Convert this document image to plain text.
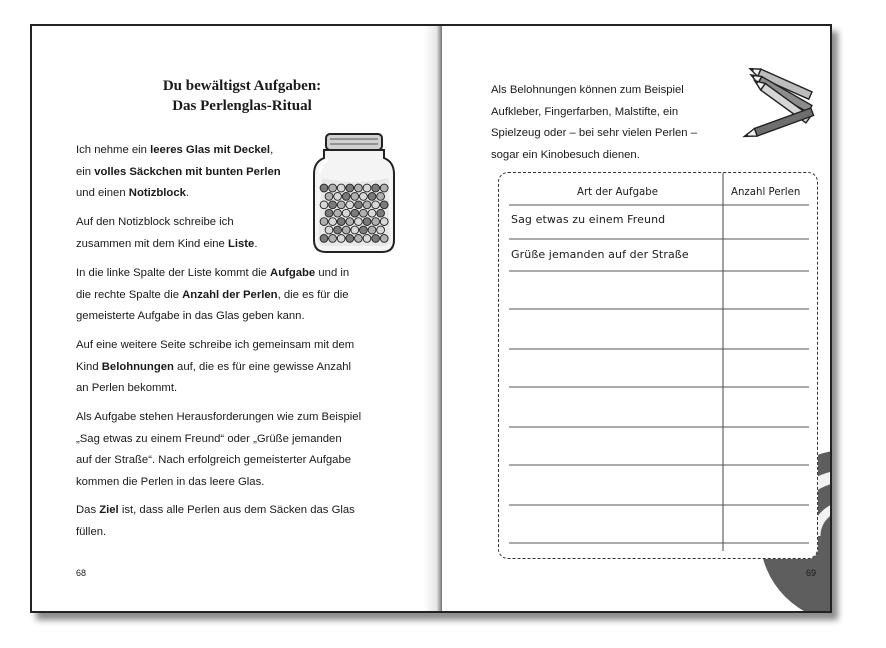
Du bewältigst Aufgaben:
Das Perlenglas-Ritual

Ich nehme ein leeres Glas mit Deckel,
ein volles Säckchen mit bunten Perlen
und einen Notizblock.

Auf den Notizblock schreibe ich
zusammen mit dem Kind eine Liste.

In die linke Spalte der Liste kommt die Aufgabe und in
die rechte Spalte die Anzahl der Perlen, die es für die
gemeisterte Aufgabe in das Glas geben kann.

Auf eine weitere Seite schreibe ich gemeinsam mit dem
Kind Belohnungen auf, die es für eine gewisse Anzahl
an Perlen bekommt.

Als Aufgabe stehen Herausforderungen wie zum Beispiel
„Sag etwas zu einem Freund“ oder „Grüße jemanden
auf der Straße“. Nach erfolgreich gemeisterter Aufgabe
kommen die Perlen in das leere Glas.

Das Ziel ist, dass alle Perlen aus dem Säcken das Glas
füllen.

68
Als Belohnungen können zum Beispiel
Aufkleber, Fingerfarben, Malstifte, ein
Spielzeug oder – bei sehr vielen Perlen –
sogar ein Kinobesuch dienen.
Art der Aufgabe	Anzahl Perlen
Sag etwas zu einem Freund
Grüße jemanden auf der Straße
69
